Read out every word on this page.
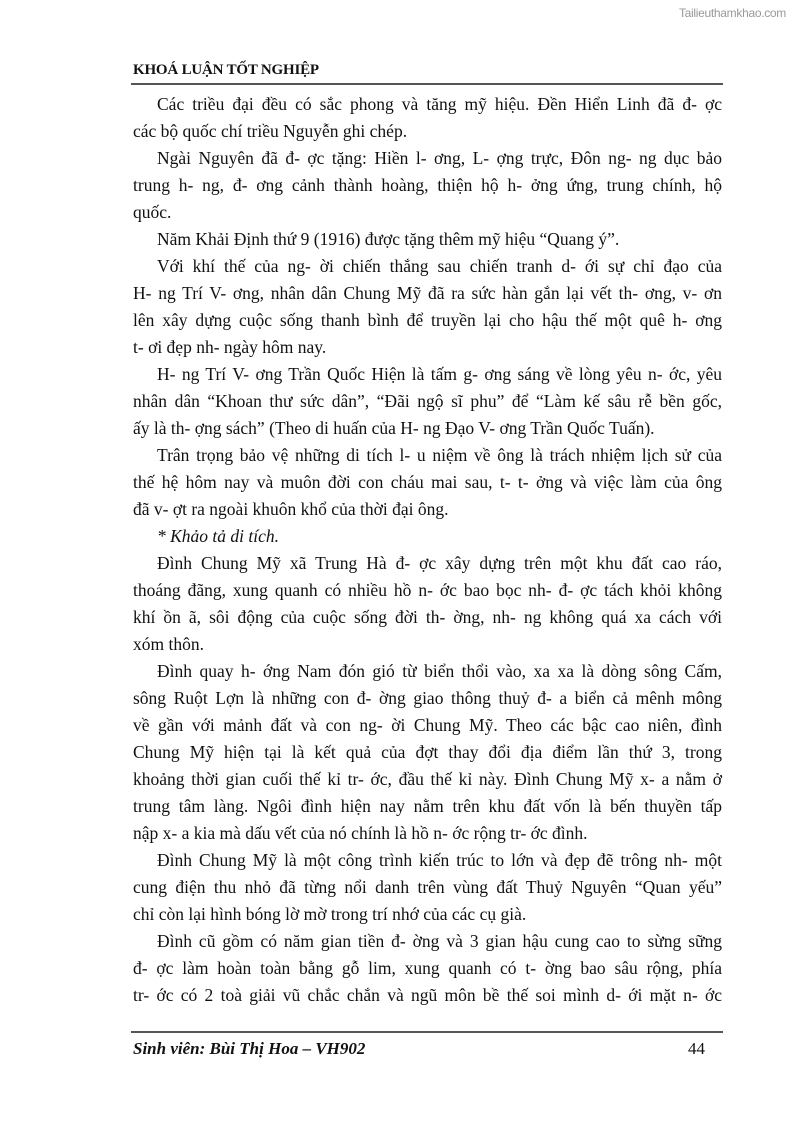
Tailieuthamkhao.com
KHOÁ LUẬN TỐT NGHIỆP
Các triều đại đều có sắc phong và tăng mỹ hiệu. Đền Hiển Linh đã đ- ợc
các bộ quốc chí triều Nguyễn ghi chép.
Ngài Nguyên đã đ- ợc tặng: Hiền l- ơng, L- ợng trực, Đôn ng- ng dục bảo
trung h- ng, đ- ơng cảnh thành hoàng, thiện hộ h- ởng ứng, trung chính, hộ
quốc.
Năm Khải Định thứ 9 (1916) được tặng thêm mỹ hiệu “Quang ý”.
Với khí thế của ng- ời chiến thắng sau chiến tranh d- ới sự chỉ đạo của
H- ng Trí V- ơng, nhân dân Chung Mỹ đã ra sức hàn gắn lại vết th- ơng, v- ơn
lên xây dựng cuộc sống thanh bình để truyền lại cho hậu thế một quê h- ơng
t- ơi đẹp nh- ngày hôm nay.
H- ng Trí V- ơng Trần Quốc Hiện là tấm g- ơng sáng về lòng yêu n- ớc, yêu
nhân dân “Khoan thư sức dân”, “Đãi ngộ sĩ phu” để “Làm kế sâu rễ bền gốc,
ấy là th- ợng sách” (Theo di huấn của H- ng Đạo V- ơng Trần Quốc Tuấn).
Trân trọng bảo vệ những di tích l- u niệm về ông là trách nhiệm lịch sử của
thế hệ hôm nay và muôn đời con cháu mai sau, t- t- ởng và việc làm của ông
đã v- ợt ra ngoài khuôn khổ của thời đại ông.
* Khảo tả di tích.
Đình Chung Mỹ xã Trung Hà đ- ợc xây dựng trên một khu đất cao ráo,
thoáng đãng, xung quanh có nhiều hồ n- ớc bao bọc nh- đ- ợc tách khỏi không
khí ồn ã, sôi động của cuộc sống đời th- ờng, nh- ng không quá xa cách với
xóm thôn.
Đình quay h- ớng Nam đón gió từ biển thổi vào, xa xa là dòng sông Cấm,
sông Ruột Lợn là những con đ- ờng giao thông thuỷ đ- a biển cả mênh mông
về gần với mảnh đất và con ng- ời Chung Mỹ. Theo các bậc cao niên, đình
Chung Mỹ hiện tại là kết quả của đợt thay đổi địa điểm lần thứ 3, trong
khoảng thời gian cuối thế kỉ tr- ớc, đầu thế kỉ này. Đình Chung Mỹ x- a nằm ở
trung tâm làng. Ngôi đình hiện nay nằm trên khu đất vốn là bến thuyền tấp
nập x- a kia mà dấu vết của nó chính là hồ n- ớc rộng tr- ớc đình.
Đình Chung Mỹ là một công trình kiến trúc to lớn và đẹp đẽ trông nh- một
cung điện thu nhỏ đã từng nổi danh trên vùng đất Thuỷ Nguyên “Quan yếu”
chỉ còn lại hình bóng lờ mờ trong trí nhớ của các cụ già.
Đình cũ gồm có năm gian tiền đ- ờng và 3 gian hậu cung cao to sừng sững
đ- ợc làm hoàn toàn bằng gỗ lim, xung quanh có t- ờng bao sâu rộng, phía
tr- ớc có 2 toà giải vũ chắc chắn và ngũ môn bề thế soi mình d- ới mặt n- ớc
Sinh viên: Bùi Thị Hoa – VH902	44
